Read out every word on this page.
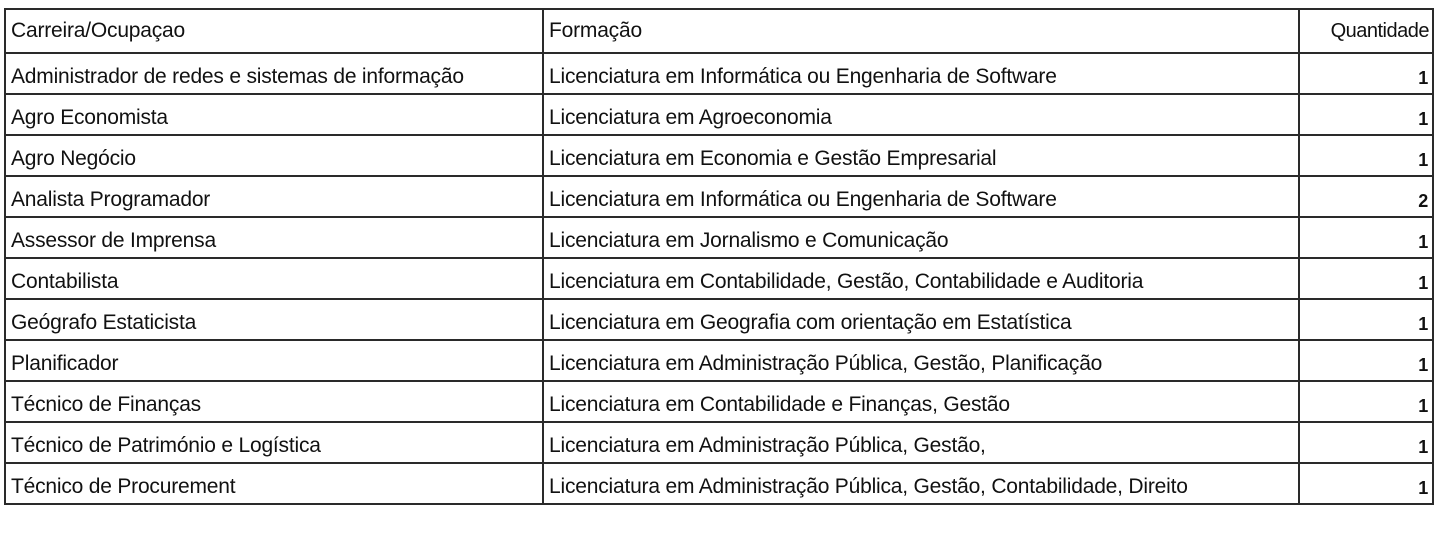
Carreira/Ocupaçao	Formação	Quantidade
Administrador de redes e sistemas de informação	Licenciatura em Informática ou Engenharia de Software	1
Agro Economista	Licenciatura em Agroeconomia	1
Agro Negócio	Licenciatura em Economia e Gestão Empresarial	1
Analista Programador	Licenciatura em Informática ou Engenharia de Software	2
Assessor de Imprensa	Licenciatura em Jornalismo e Comunicação	1
Contabilista	Licenciatura em Contabilidade, Gestão, Contabilidade e Auditoria	1
Geógrafo Estaticista	Licenciatura em Geografia com orientação em Estatística	1
Planificador	Licenciatura em Administração Pública, Gestão, Planificação	1
Técnico de Finanças	Licenciatura em Contabilidade e Finanças, Gestão	1
Técnico de Património e Logística	Licenciatura em Administração Pública, Gestão,	1
Técnico de Procurement	Licenciatura em Administração Pública, Gestão, Contabilidade, Direito	1
